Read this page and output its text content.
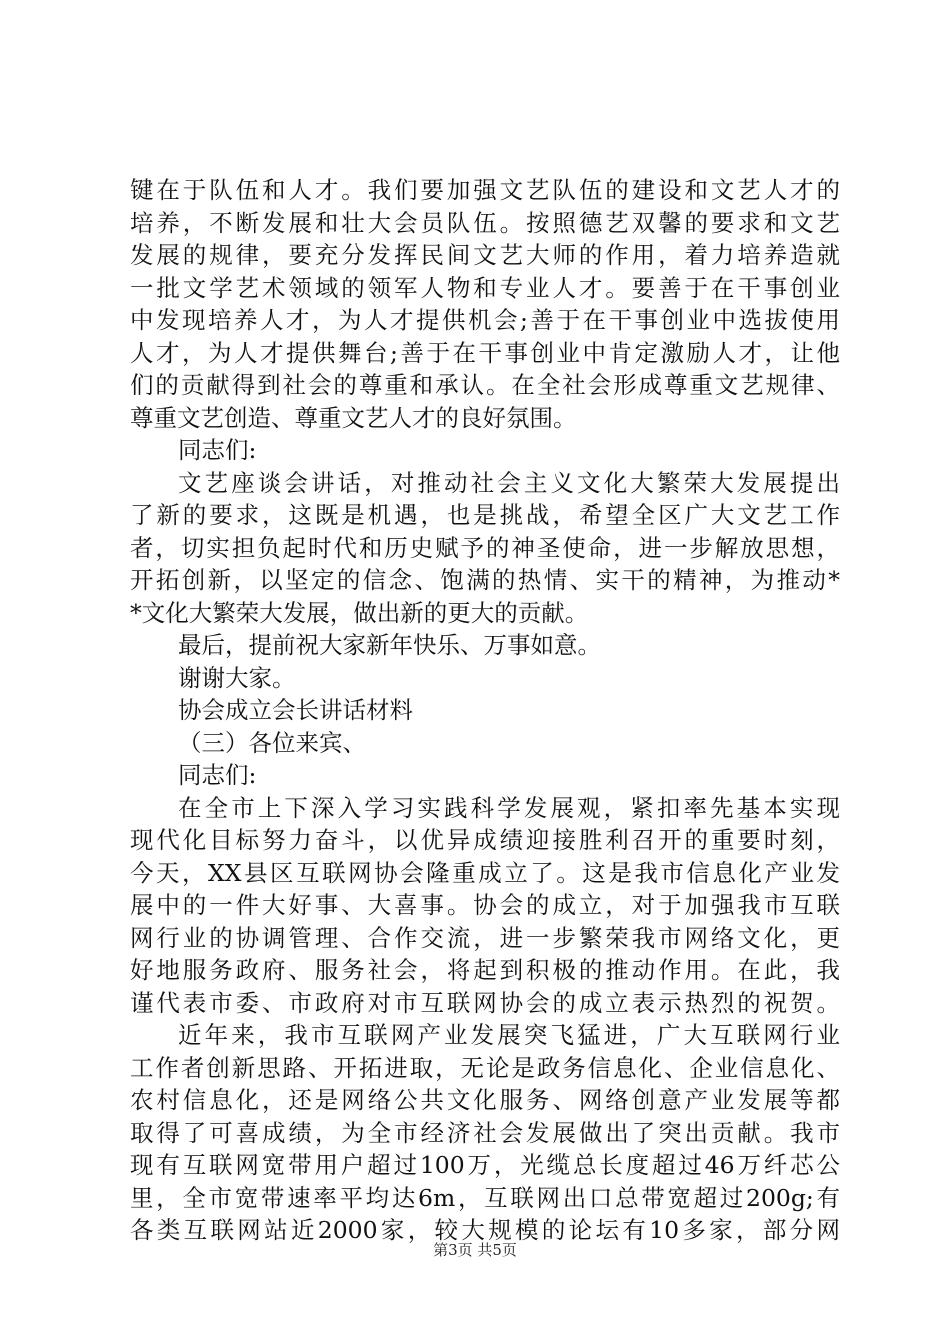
键在于队伍和人才。我们要加强文艺队伍的建设和文艺人才的
培养，不断发展和壮大会员队伍。按照德艺双馨的要求和文艺
发展的规律，要充分发挥民间文艺大师的作用，着力培养造就
一批文学艺术领域的领军人物和专业人才。要善于在干事创业
中发现培养人才，为人才提供机会;善于在干事创业中选拔使用
人才，为人才提供舞台;善于在干事创业中肯定激励人才，让他
们的贡献得到社会的尊重和承认。在全社会形成尊重文艺规律、
尊重文艺创造、尊重文艺人才的良好氛围。
同志们:
文艺座谈会讲话，对推动社会主义文化大繁荣大发展提出
了新的要求，这既是机遇，也是挑战，希望全区广大文艺工作
者，切实担负起时代和历史赋予的神圣使命，进一步解放思想，
开拓创新，以坚定的信念、饱满的热情、实干的精神，为推动*
*文化大繁荣大发展，做出新的更大的贡献。
最后，提前祝大家新年快乐、万事如意。
谢谢大家。
协会成立会长讲话材料
（三）各位来宾、
同志们:
在全市上下深入学习实践科学发展观，紧扣率先基本实现
现代化目标努力奋斗，以优异成绩迎接胜利召开的重要时刻，
今天，XX县区互联网协会隆重成立了。这是我市信息化产业发
展中的一件大好事、大喜事。协会的成立，对于加强我市互联
网行业的协调管理、合作交流，进一步繁荣我市网络文化，更
好地服务政府、服务社会，将起到积极的推动作用。在此，我
谨代表市委、市政府对市互联网协会的成立表示热烈的祝贺。
近年来，我市互联网产业发展突飞猛进，广大互联网行业
工作者创新思路、开拓进取，无论是政务信息化、企业信息化、
农村信息化，还是网络公共文化服务、网络创意产业发展等都
取得了可喜成绩，为全市经济社会发展做出了突出贡献。我市
现有互联网宽带用户超过100万，光缆总长度超过46万纤芯公
里，全市宽带速率平均达6m，互联网出口总带宽超过200g;有
各类互联网站近2000家，较大规模的论坛有10多家，部分网
第3页 共5页
